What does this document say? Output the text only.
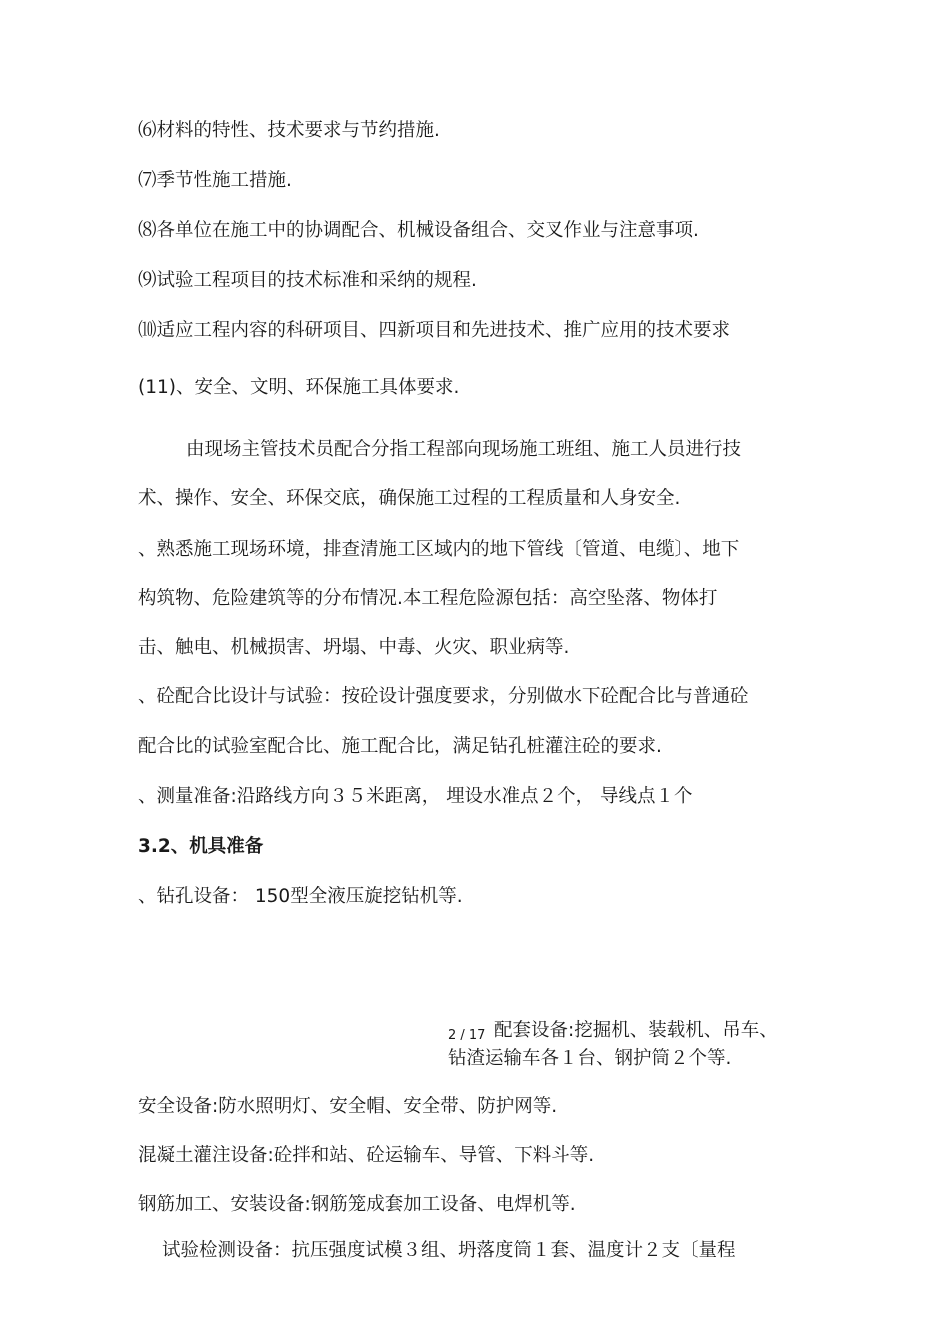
⑹材料的特性、技术要求与节约措施.
⑺季节性施工措施.
⑻各单位在施工中的协调配合、机械设备组合、交叉作业与注意事项.
⑼试验工程项目的技术标准和采纳的规程.
⑽适应工程内容的科研项目、四新项目和先进技术、推广应用的技术要求
(11)、安全、文明、环保施工具体要求.
由现场主管技术员配合分指工程部向现场施工班组、施工人员进行技
术、操作、安全、环保交底，确保施工过程的工程质量和人身安全.
、熟悉施工现场环境，排查清施工区域内的地下管线〔管道、电缆〕、地下
构筑物、危险建筑等的分布情况.本工程危险源包括：高空坠落、物体打
击、触电、机械损害、坍塌、中毒、火灾、职业病等.
、砼配合比设计与试验：按砼设计强度要求，分别做水下砼配合比与普通砼
配合比的试验室配合比、施工配合比，满足钻孔桩灌注砼的要求.
、测量准备:沿路线方向３５米距离， 埋设水准点２个， 导线点１个
3.2、机具准备
、钻孔设备： 150型全液压旋挖钻机等.
2 / 17 配套设备:挖掘机、装载机、吊车、
钻渣运输车各１台、钢护筒２个等.
安全设备:防水照明灯、安全帽、安全带、防护网等.
混凝土灌注设备:砼拌和站、砼运输车、导管、下料斗等.
钢筋加工、安装设备:钢筋笼成套加工设备、电焊机等.
试验检测设备：抗压强度试模３组、坍落度筒１套、温度计２支〔量程
